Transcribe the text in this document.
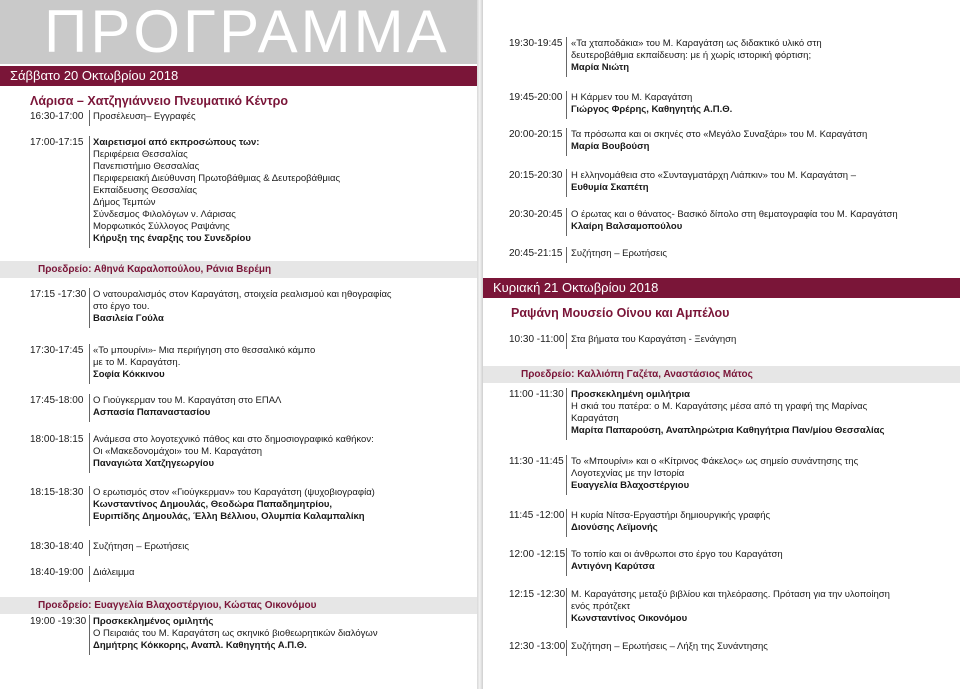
ΠΡΟΓΡΑΜΜΑ
Σάββατο 20 Οκτωβρίου 2018
Λάρισα – Χατζηγιάννειο Πνευματικό Κέντρο
Προεδρείο: Αθηνά Καραλοπούλου, Ράνια Βερέμη
Προεδρείο: Ευαγγελία Βλαχοστέργιου, Κώστας Οικονόμου
16:30-17:00 Προσέλευση– Εγγραφές
17:00-17:15 Χαιρετισμοί από εκπροσώπους των:
Περιφέρεια Θεσσαλίας
Πανεπιστήμιο Θεσσαλίας
Περιφερειακή Διεύθυνση Πρωτοβάθμιας & Δευτεροβάθμιας
Εκπαίδευσης Θεσσαλίας
Δήμος Τεμπών
Σύνδεσμος Φιλολόγων ν. Λάρισας
Μορφωτικός Σύλλογος Ραψάνης
Κήρυξη της έναρξης του Συνεδρίου
17:15 -17:30 Ο νατουραλισμός στον Καραγάτση, στοιχεία ρεαλισμού και ηθογραφίας
στο έργο του.
Βασιλεία Γούλα
17:30-17:45 «Το μπουρίνι»- Μια περιήγηση στο θεσσαλικό κάμπο
με το Μ. Καραγάτση.
Σοφία Κόκκινου
17:45-18:00 Ο Γιούγκερμαν του Μ. Καραγάτση στο ΕΠΑΛ
Ασπασία Παπαναστασίου
18:00-18:15 Ανάμεσα στο λογοτεχνικό πάθος και στο δημοσιογραφικό καθήκον:
Οι «Μακεδονομάχοι» του Μ. Καραγάτση
Παναγιώτα Χατζηγεωργίου
18:15-18:30 Ο ερωτισμός στον «Γιούγκερμαν» του Καραγάτση (ψυχοβιογραφία)
Κωνσταντίνος Δημουλάς, Θεοδώρα Παπαδημητρίου,
Ευριπίδης Δημουλάς, Έλλη Βέλλιου, Ολυμπία Καλαμπαλίκη
18:30-18:40 Συζήτηση – Ερωτήσεις
18:40-19:00 Διάλειμμα
19:00 -19:30 Προσκεκλημένος ομιλητής
Ο Πειραιάς του Μ. Καραγάτση ως σκηνικό βιοθεωρητικών διαλόγων
Δημήτρης Κόκκορης, Αναπλ. Καθηγητής Α.Π.Θ.
Κυριακή 21 Οκτωβρίου 2018
Ραψάνη Μουσείο Οίνου και Αμπέλου
Προεδρείο: Καλλιόπη Γαζέτα, Αναστάσιος Μάτος
19:30-19:45 «Τα χταποδάκια» του Μ. Καραγάτση ως διδακτικό υλικό στη
δευτεροβάθμια εκπαίδευση: με ή χωρίς ιστορική φόρτιση;
Μαρία Νιώτη
19:45-20:00 Η Κάρμεν του Μ. Καραγάτση
Γιώργος Φρέρης, Καθηγητής Α.Π.Θ.
20:00-20:15 Τα πρόσωπα και οι σκηνές στο «Μεγάλο Συναξάρι» του Μ. Καραγάτση
Μαρία Βουβούση
20:15-20:30 Η ελληνομάθεια στο «Συνταγματάρχη Λιάπκιν» του Μ. Καραγάτση –
Ευθυμία Σκαπέτη
20:30-20:45 Ο έρωτας και ο θάνατος- Βασικό δίπολο στη θεματογραφία του Μ. Καραγάτση
Κλαίρη Βαλσαμοπούλου
20:45-21:15 Συζήτηση – Ερωτήσεις
10:30 -11:00 Στα βήματα του Καραγάτση - Ξενάγηση
11:00 -11:30 Προσκεκλημένη ομιλήτρια
Η σκιά του πατέρα: ο Μ. Καραγάτσης μέσα από τη γραφή της Μαρίνας
Καραγάτση
Μαρίτα Παπαρούση, Αναπληρώτρια Καθηγήτρια Παν/μίου Θεσσαλίας
11:30 -11:45 Το «Μπουρίνι» και ο «Κίτρινος Φάκελος» ως σημείο συνάντησης της
Λογοτεχνίας με την Ιστορία
Ευαγγελία Βλαχοστέργιου
11:45 -12:00 Η κυρία Νίτσα-Εργαστήρι δημιουργικής γραφής
Διονύσης Λεϊμονής
12:00 -12:15 Το τοπίο και οι άνθρωποι στο έργο του Καραγάτση
Αντιγόνη Καρύτσα
12:15 -12:30 Μ. Καραγάτσης μεταξύ βιβλίου και τηλεόρασης. Πρόταση για την υλοποίηση
ενός πρότζεκτ
Κωνσταντίνος Οικονόμου
12:30 -13:00 Συζήτηση – Ερωτήσεις – Λήξη της Συνάντησης
